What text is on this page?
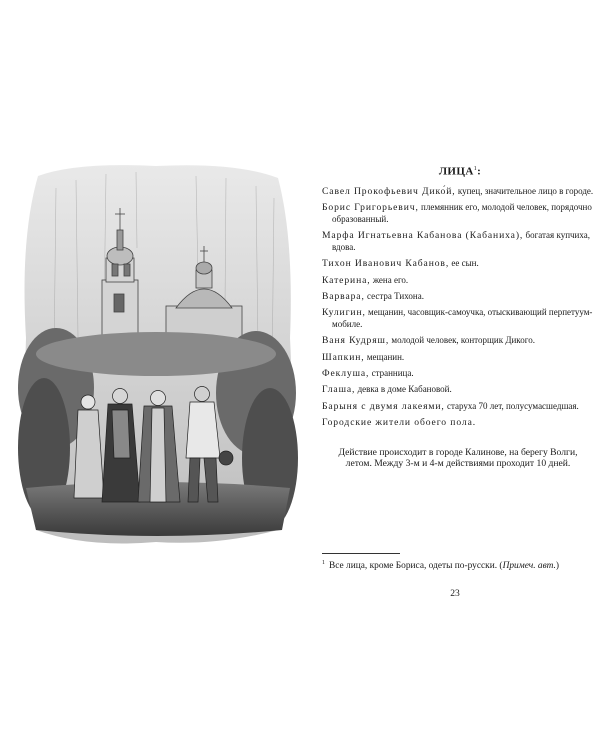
ЛИЦА$^1$:
Савел Прокофьевич Дико́й, купец, значительное лицо в городе.
Борис Григорьевич, племянник его, молодой человек, порядочно образованный.
Марфа Игнатьевна Кабанова (Кабаниха), богатая купчиха, вдова.
Тихон Иванович Кабанов, ее сын.
Катерина, жена его.
Варвара, сестра Тихона.
Кулигин, мещанин, часовщик-самоучка, отыскивающий перпетуум-мобиле.
Ваня Кудряш, молодой человек, конторщик Дикого.
Шапкин, мещанин.
Феклуша, странница.
Глаша, девка в доме Кабановой.
Барыня с двумя лакеями, старуха 70 лет, полусумасшедшая.
Городские жители обоего пола.

Действие происходит в городе Калинове, на берегу Волги, летом. Между 3-м и 4-м действиями проходит 10 дней.

$^1$ Все лица, кроме Бориса, одеты по-русски. (Примеч. авт.)
23
